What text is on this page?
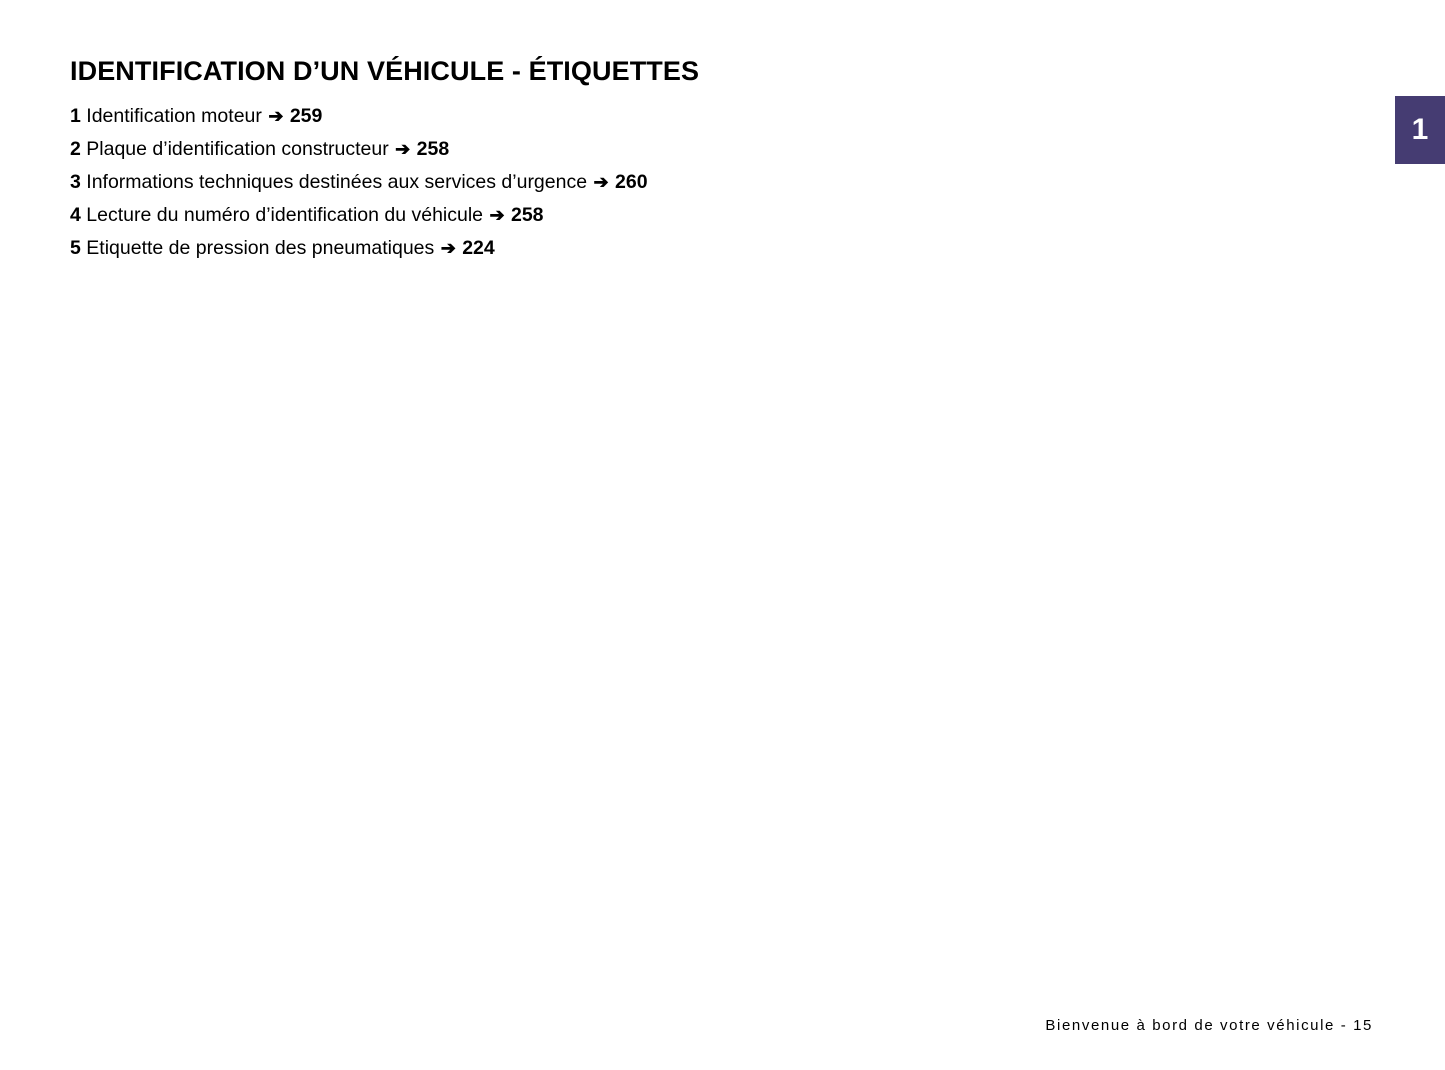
IDENTIFICATION D’UN VÉHICULE - ÉTIQUETTES
1 Identification moteur ➔ 259
2 Plaque d’identification constructeur ➔ 258
3 Informations techniques destinées aux services d’urgence ➔ 260
4 Lecture du numéro d’identification du véhicule ➔ 258
5 Etiquette de pression des pneumatiques ➔ 224
1
Bienvenue à bord de votre véhicule - 15
